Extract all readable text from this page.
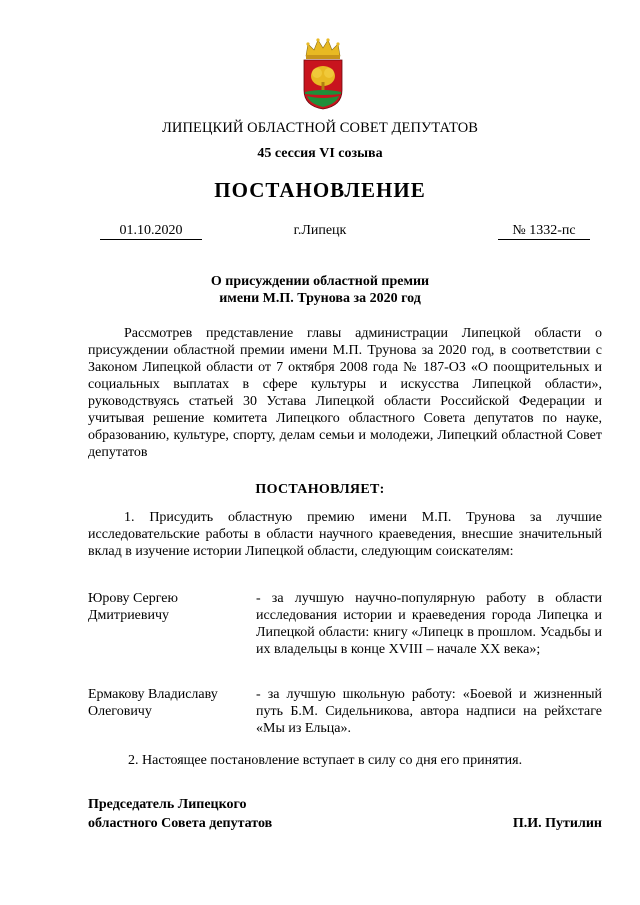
ЛИПЕЦКИЙ ОБЛАСТНОЙ СОВЕТ ДЕПУТАТОВ
45 сессия VI созыва
ПОСТАНОВЛЕНИЕ
01.10.2020	г.Липецк	№ 1332-пс
О присуждении областной премии
имени М.П. Трунова за 2020 год

Рассмотрев представление главы администрации Липецкой области о присуждении областной премии имени М.П. Трунова за 2020 год, в соответствии с Законом Липецкой области от 7 октября 2008 года № 187-ОЗ «О поощрительных и социальных выплатах в сфере культуры и искусства Липецкой области», руководствуясь статьей 30 Устава Липецкой области Российской Федерации и учитывая решение комитета Липецкого областного Совета депутатов по науке, образованию, культуре, спорту, делам семьи и молодежи, Липецкий областной Совет депутатов

ПОСТАНОВЛЯЕТ:

1. Присудить областную премию имени М.П. Трунова за лучшие исследовательские работы в области научного краеведения, внесшие значительный вклад в изучение истории Липецкой области, следующим соискателям:

Юрову Сергею Дмитриевичу
- за лучшую научно-популярную работу в области исследования истории и краеведения города Липецка и Липецкой области: книгу «Липецк в прошлом. Усадьбы и их владельцы в конце XVIII – начале XX века»;
Ермакову Владиславу Олеговичу
- за лучшую школьную работу: «Боевой и жизненный путь Б.М. Сидельникова, автора надписи на рейхстаге «Мы из Ельца».

2. Настоящее постановление вступает в силу со дня его принятия.

Председатель Липецкого
областного Совета депутатов	П.И. Путилин
